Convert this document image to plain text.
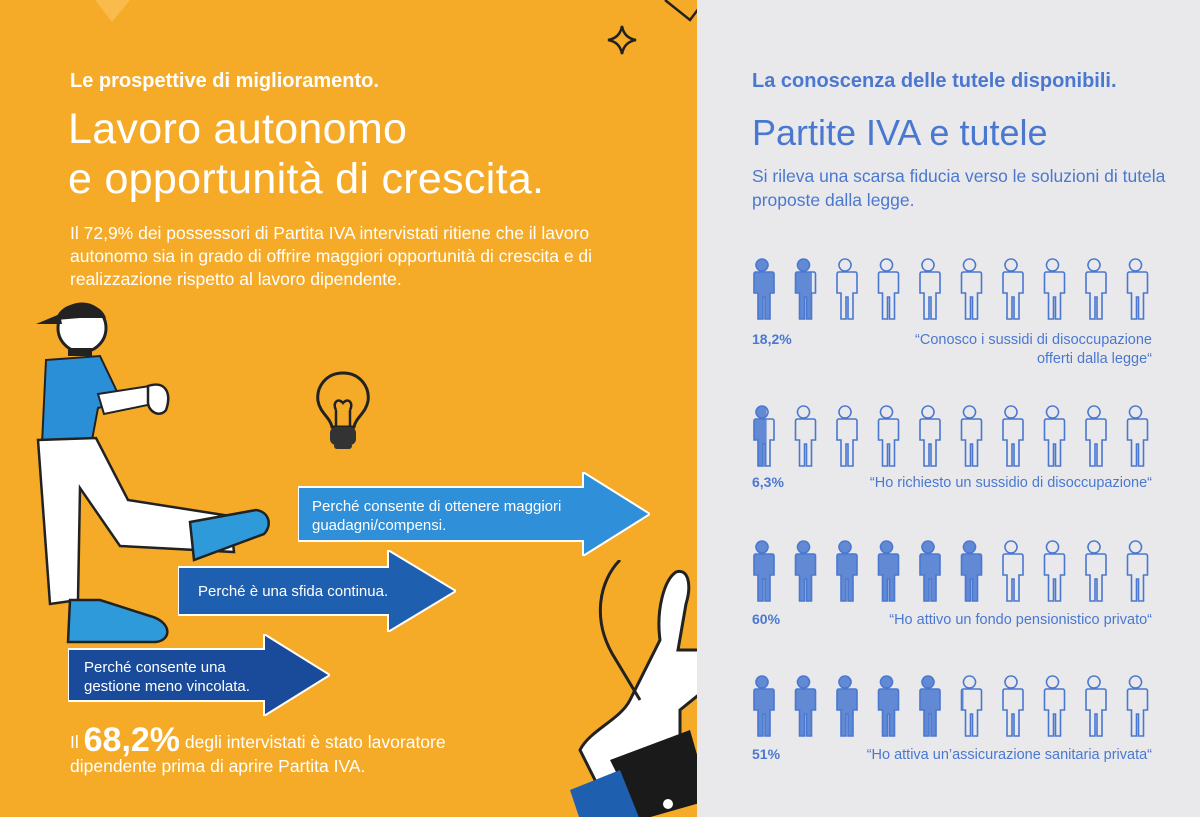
Le prospettive di miglioramento.
Lavoro autonomo
e opportunità di crescita.
Il 72,9% dei possessori di Partita IVA intervistati ritiene che il lavoro autonomo sia in grado di offrire maggiori opportunità di crescita e di realizzazione rispetto al lavoro dipendente.
Perché consente di ottenere maggiori
guadagni/compensi.
Perché è una sfida continua.
Perché consente una
gestione meno vincolata.
Il 68,2% degli intervistati è stato lavoratore
dipendente prima di aprire Partita IVA.
La conoscenza delle tutele disponibili.
Partite IVA e tutele
Si rileva una scarsa fiducia verso le soluzioni di tutela proposte dalla legge.
18,2%	“Conosco i sussidi di disoccupazione
offerti dalla legge“
6,3%	“Ho richiesto un sussidio di disoccupazione“
60%	“Ho attivo un fondo pensionistico privato“
51%	“Ho attiva un’assicurazione sanitaria privata“
